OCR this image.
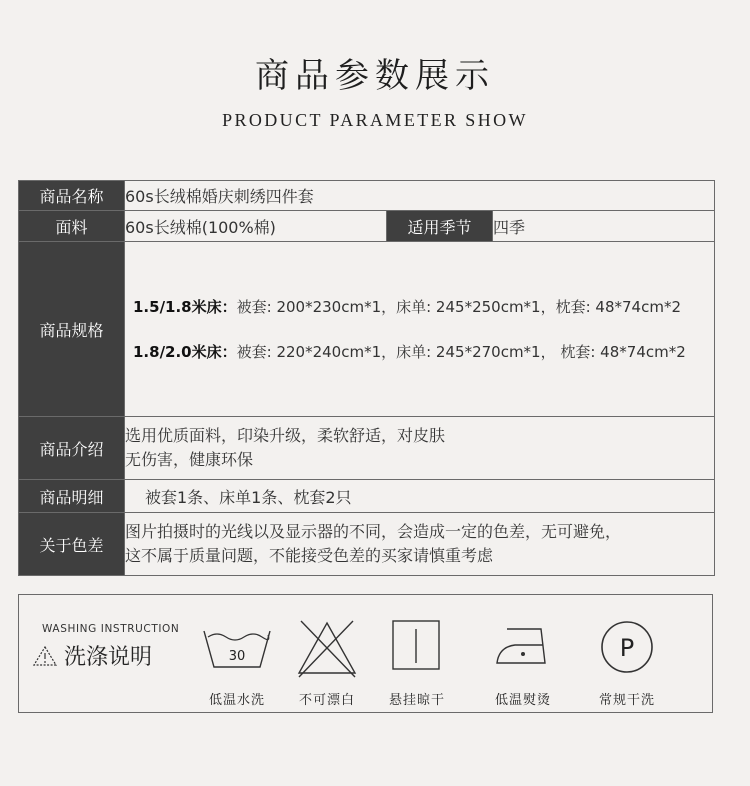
商品参数展示
PRODUCT PARAMETER SHOW
商品名称	60s长绒棉婚庆刺绣四件套		
面料	60s长绒棉(100%棉)	适用季节	四季
商品规格	1.5/1.8米床：被套: 200*230cm*1，床单: 245*250cm*1，枕套: 48*74cm*2

1.8/2.0米床：被套: 220*240cm*1，床单: 245*270cm*1， 枕套: 48*74cm*2		

商品介绍	选用优质面料，印染升级，柔软舒适，对皮肤
无伤害，健康环保		

商品明细	被套1条、床单1条、枕套2只		
关于色差	图片拍摄时的光线以及显示器的不同，会造成一定的色差，无可避免，
这不属于质量问题，不能接受色差的买家请慎重考虑		
WASHING INSTRUCTION
洗涤说明	30
低温水洗	不可漂白	悬挂晾干	低温熨烫
P
常规干洗
